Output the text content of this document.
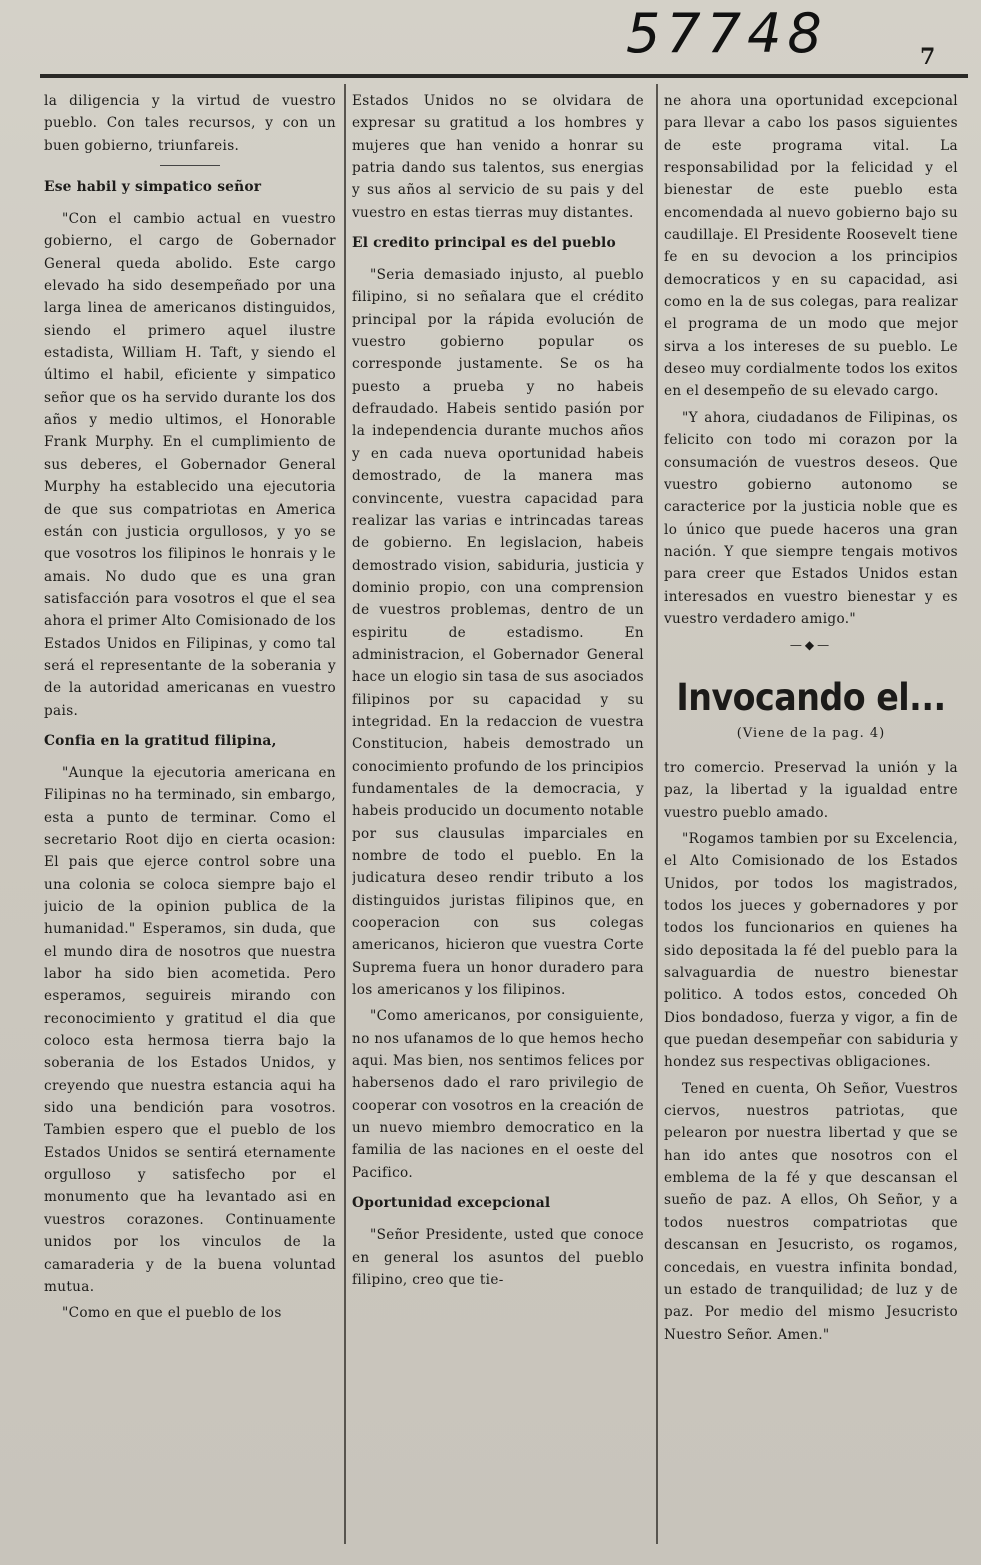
57748	7

la diligencia y la virtud de vuestro pueblo. Con tales recursos, y con un buen gobierno, triunfareis.

Ese habil y simpatico señor

"Con el cambio actual en vuestro gobierno, el cargo de Gobernador General queda abolido. Este cargo elevado ha sido desempeñado por una larga linea de americanos distinguidos, siendo el primero aquel ilustre estadista, William H. Taft, y siendo el último el habil, eficiente y simpatico señor que os ha servido durante los dos años y medio ultimos, el Honorable Frank Murphy. En el cumplimiento de sus deberes, el Gobernador General Murphy ha establecido una ejecutoria de que sus compatriotas en America están con justicia orgullosos, y yo se que vosotros los filipinos le honrais y le amais. No dudo que es una gran satisfacción para vosotros el que el sea ahora el primer Alto Comisionado de los Estados Unidos en Filipinas, y como tal será el representante de la soberania y de la autoridad americanas en vuestro pais.

Confia en la gratitud filipina,

"Aunque la ejecutoria americana en Filipinas no ha terminado, sin embargo, esta a punto de terminar. Como el secretario Root dijo en cierta ocasion: El pais que ejerce control sobre una una colonia se coloca siempre bajo el juicio de la opinion publica de la humanidad." Esperamos, sin duda, que el mundo dira de nosotros que nuestra labor ha sido bien acometida. Pero esperamos, seguireis mirando con reconocimiento y gratitud el dia que coloco esta hermosa tierra bajo la soberania de los Estados Unidos, y creyendo que nuestra estancia aqui ha sido una bendición para vosotros. Tambien espero que el pueblo de los Estados Unidos se sentirá eternamente orgulloso y satisfecho por el monumento que ha levantado asi en vuestros corazones. Continuamente unidos por los vinculos de la camaraderia y de la buena voluntad mutua.

"Como en que el pueblo de los

Estados Unidos no se olvidara de expresar su gratitud a los hombres y mujeres que han venido a honrar su patria dando sus talentos, sus energias y sus años al servicio de su pais y del vuestro en estas tierras muy distantes.

El credito principal es del pueblo

"Seria demasiado injusto, al pueblo filipino, si no señalara que el crédito principal por la rápida evolución de vuestro gobierno popular os corresponde justamente. Se os ha puesto a prueba y no habeis defraudado. Habeis sentido pasión por la independencia durante muchos años y en cada nueva oportunidad habeis demostrado, de la manera mas convincente, vuestra capacidad para realizar las varias e intrincadas tareas de gobierno. En legislacion, habeis demostrado vision, sabiduria, justicia y dominio propio, con una comprension de vuestros problemas, dentro de un espiritu de estadismo. En administracion, el Gobernador General hace un elogio sin tasa de sus asociados filipinos por su capacidad y su integridad. En la redaccion de vuestra Constitucion, habeis demostrado un conocimiento profundo de los principios fundamentales de la democracia, y habeis producido un documento notable por sus clausulas imparciales en nombre de todo el pueblo. En la judicatura deseo rendir tributo a los distinguidos juristas filipinos que, en cooperacion con sus colegas americanos, hicieron que vuestra Corte Suprema fuera un honor duradero para los americanos y los filipinos.

"Como americanos, por consiguiente, no nos ufanamos de lo que hemos hecho aqui. Mas bien, nos sentimos felices por habersenos dado el raro privilegio de cooperar con vosotros en la creación de un nuevo miembro democratico en la familia de las naciones en el oeste del Pacifico.

Oportunidad excepcional

"Señor Presidente, usted que conoce en general los asuntos del pueblo filipino, creo que tie-

ne ahora una oportunidad excepcional para llevar a cabo los pasos siguientes de este programa vital. La responsabilidad por la felicidad y el bienestar de este pueblo esta encomendada al nuevo gobierno bajo su caudillaje. El Presidente Roosevelt tiene fe en su devocion a los principios democraticos y en su capacidad, asi como en la de sus colegas, para realizar el programa de un modo que mejor sirva a los intereses de su pueblo. Le deseo muy cordialmente todos los exitos en el desempeño de su elevado cargo.

"Y ahora, ciudadanos de Filipinas, os felicito con todo mi corazon por la consumación de vuestros deseos. Que vuestro gobierno autonomo se caracterice por la justicia noble que es lo único que puede haceros una gran nación. Y que siempre tengais motivos para creer que Estados Unidos estan interesados en vuestro bienestar y es vuestro verdadero amigo."

—◆—
Invocando el...
(Viene de la pag. 4)

tro comercio. Preservad la unión y la paz, la libertad y la igualdad entre vuestro pueblo amado.

"Rogamos tambien por su Excelencia, el Alto Comisionado de los Estados Unidos, por todos los magistrados, todos los jueces y gobernadores y por todos los funcionarios en quienes ha sido depositada la fé del pueblo para la salvaguardia de nuestro bienestar politico. A todos estos, conceded Oh Dios bondadoso, fuerza y vigor, a fin de que puedan desempeñar con sabiduria y hondez sus respectivas obligaciones.

Tened en cuenta, Oh Señor, Vuestros ciervos, nuestros patriotas, que pelearon por nuestra libertad y que se han ido antes que nosotros con el emblema de la fé y que descansan el sueño de paz. A ellos, Oh Señor, y a todos nuestros compatriotas que descansan en Jesucristo, os rogamos, concedais, en vuestra infinita bondad, un estado de tranquilidad; de luz y de paz. Por medio del mismo Jesucristo Nuestro Señor. Amen."
